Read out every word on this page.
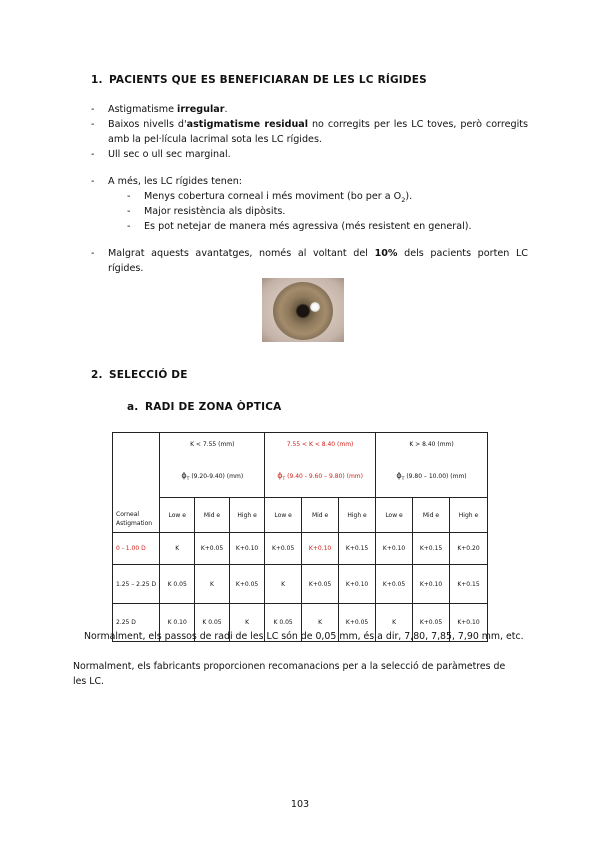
1. PACIENTS QUE ES BENEFICIARAN DE LES LC RÍGIDES
- Astigmatisme irregular.
- Baixos nivells d'astigmatisme residual no corregits per les LC toves, però corregits
amb la pel·lícula lacrimal sota les LC rígides.
- Ull sec o ull sec marginal.
- A més, les LC rígides tenen:
- Menys cobertura corneal i més moviment (bo per a $O_2$).
- Major resistència als dipòsits.
- Es pot netejar de manera més agressiva (més resistent en general).
- Malgrat aquests avantatges, només al voltant del 10% dels pacients porten LC
rígides.
2. SELECCIÓ DE
a. RADI DE ZONA ÒPTICA
Corneal
Astigmation	K < 7.55 (mm)			7.55 < K < 8.40 (mm)			K > 8.40 (mm)		
	$\phi_T$ (9.20-9.40) (mm)			$\phi_T$ (9.40 - 9.60 – 9.80) (mm)			$\phi_T$ (9.80 – 10.00) (mm)		
	Low e	Mid e	High e	Low e	Mid e	High e	Low e	Mid e	High e
0 - 1.00 D	K	K+0.05	K+0.10	K+0.05	K+0.10	K+0.15	K+0.10	K+0.15	K+0.20
1.25 – 2.25 D	K 0.05	K	K+0.05	K	K+0.05	K+0.10	K+0.05	K+0.10	K+0.15
2.25 D	K 0.10	K 0.05	K	K 0.05	K	K+0.05	K	K+0.05	K+0.10
Normalment, els passos de radi de les LC són de 0,05 mm, és a dir, 7,80, 7,85, 7,90 mm, etc.
Normalment, els fabricants proporcionen recomanacions per a la selecció de paràmetres de
les LC.
103
